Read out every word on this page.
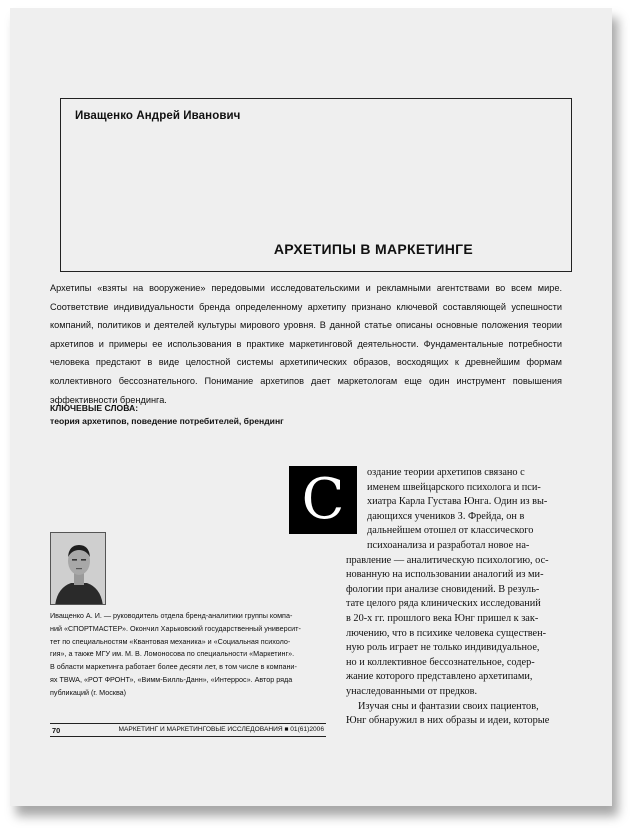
Иващенко Андрей Иванович
АРХЕТИПЫ В МАРКЕТИНГЕ
Архетипы «взяты на вооружение» передовыми исследовательскими и рекламными агентствами во всем мире. Соответствие индивидуальности бренда определенному архетипу признано ключевой составляющей успешности компаний, политиков и деятелей культуры мирового уровня. В данной статье описаны основные положения теории архетипов и примеры ее использования в практике маркетинговой деятельности. Фундаментальные потребности человека предстают в виде целостной системы архетипических образов, восходящих к древнейшим формам коллективного бессознательного. Понимание архетипов дает маркетологам еще один инструмент повышения эффективности брендинга.
КЛЮЧЕВЫЕ СЛОВА:
теория архетипов, поведение потребителей, брендинг
С	оздание теории архетипов связано с
именем швейцарского психолога и пси-
хиатра Карла Густава Юнга. Один из вы-
дающихся учеников З. Фрейда, он в
дальнейшем отошел от классического
психоанализа и разработал новое на-
правление — аналитическую психологию, ос-
нованную на использовании аналогий из ми-
фологии при анализе сновидений. В резуль-
тате целого ряда клинических исследований
в 20-х гг. прошлого века Юнг пришел к зак-
лючению, что в психике человека существен-
ную роль играет не только индивидуальное,
но и коллективное бессознательное, содер-
жание которого представлено архетипами,
унаследованными от предков.
Изучая сны и фантазии своих пациентов,
Юнг обнаружил в них образы и идеи, которые
Иващенко А. И. — руководитель отдела бренд-аналитики группы компа-
ний «СПОРТМАСТЕР». Окончил Харьковский государственный университ-
тет по специальностям «Квантовая механика» и «Социальная психоло-
гия», а также МГУ им. М. В. Ломоносова по специальности «Маркетинг».
В области маркетинга работает более десяти лет, в том числе в компани-
ях TBWA, «РОТ ФРОНТ», «Вимм-Билль-Данн», «Интеррос». Автор ряда
публикаций (г. Москва)
70	МАРКЕТИНГ И МАРКЕТИНГОВЫЕ ИССЛЕДОВАНИЯ ■ 01(61)2006
